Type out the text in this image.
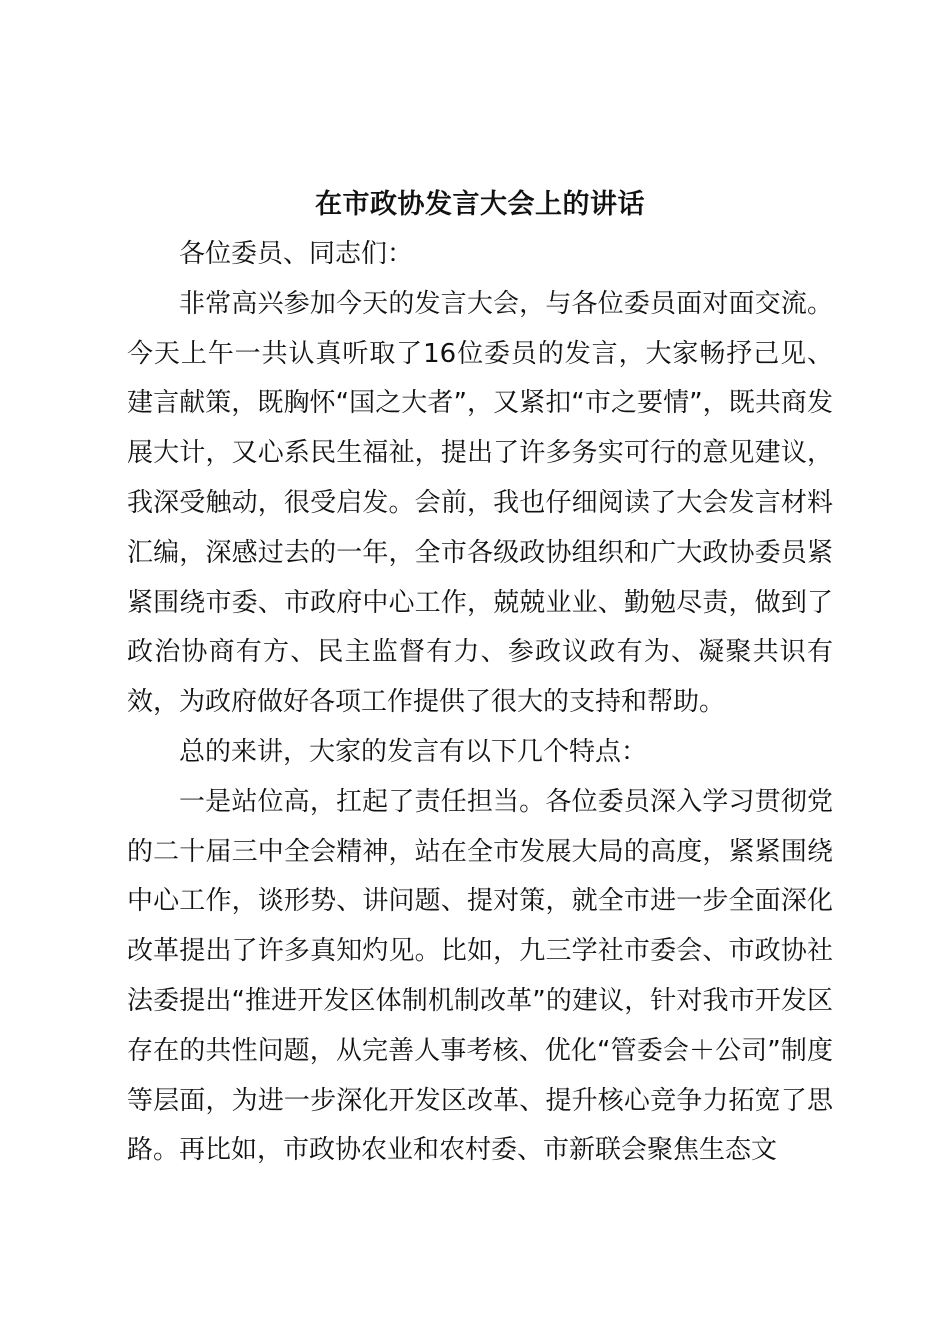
在市政协发言大会上的讲话

各位委员、同志们：

非常高兴参加今天的发言大会，与各位委员面对面交流。今天上午一共认真听取了16位委员的发言，大家畅抒己见、建言献策，既胸怀“国之大者”，又紧扣“市之要情”，既共商发展大计，又心系民生福祉，提出了许多务实可行的意见建议，我深受触动，很受启发。会前，我也仔细阅读了大会发言材料汇编，深感过去的一年，全市各级政协组织和广大政协委员紧紧围绕市委、市政府中心工作，兢兢业业、勤勉尽责，做到了政治协商有方、民主监督有力、参政议政有为、凝聚共识有效，为政府做好各项工作提供了很大的支持和帮助。

总的来讲，大家的发言有以下几个特点：

一是站位高，扛起了责任担当。各位委员深入学习贯彻党的二十届三中全会精神，站在全市发展大局的高度，紧紧围绕中心工作，谈形势、讲问题、提对策，就全市进一步全面深化改革提出了许多真知灼见。比如，九三学社市委会、市政协社法委提出“推进开发区体制机制改革”的建议，针对我市开发区存在的共性问题，从完善人事考核、优化“管委会＋公司”制度等层面，为进一步深化开发区改革、提升核心竞争力拓宽了思路。再比如，市政协农业和农村委、市新联会聚焦生态文
